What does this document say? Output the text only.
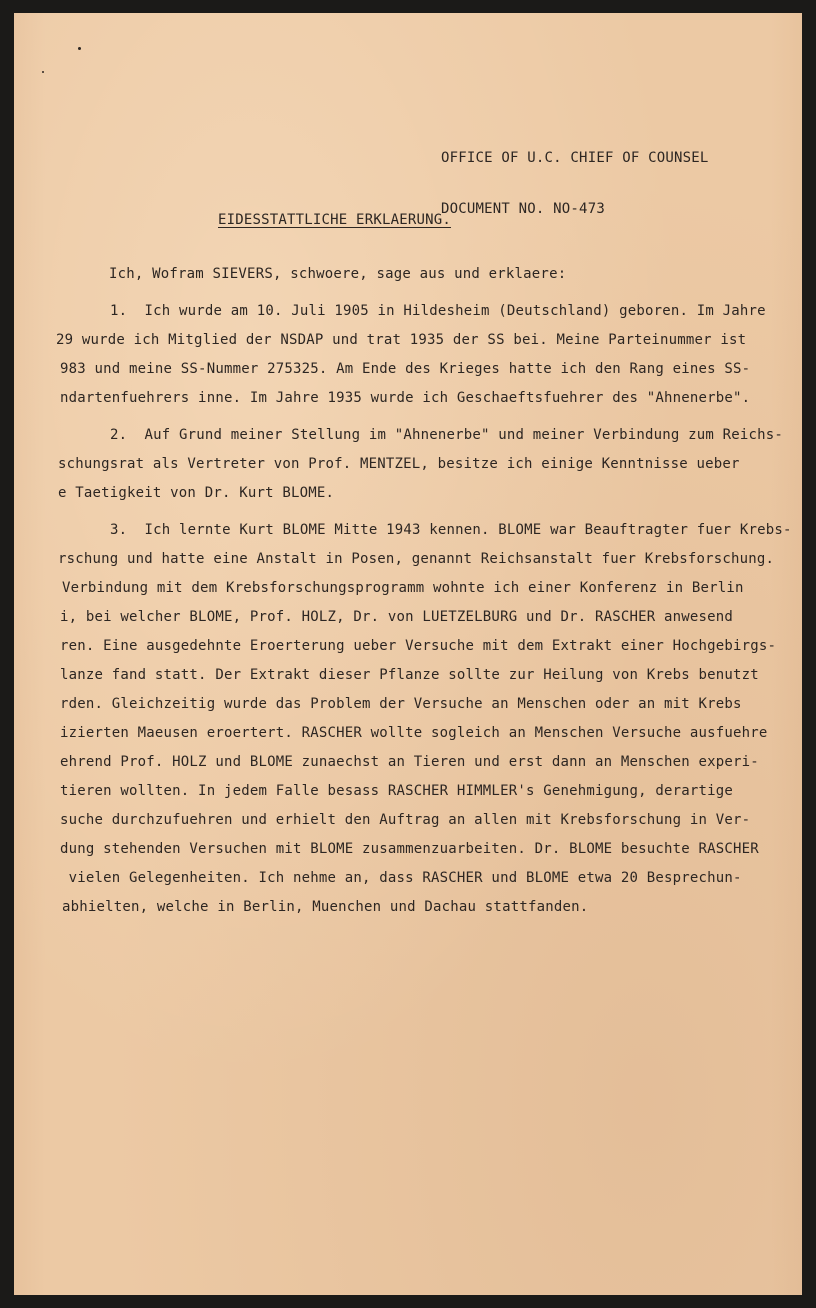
OFFICE OF U.C. CHIEF OF COUNSEL

DOCUMENT NO. NO-473

EIDESSTATTLICHE ERKLAERUNG.
Ich, Wofram SIEVERS, schwoere, sage aus und erklaere:
1.  Ich wurde am 10. Juli 1905 in Hildesheim (Deutschland) geboren. Im Jahre
29 wurde ich Mitglied der NSDAP und trat 1935 der SS bei. Meine Parteinummer ist
983 und meine SS-Nummer 275325. Am Ende des Krieges hatte ich den Rang eines SS-
ndartenfuehrers inne. Im Jahre 1935 wurde ich Geschaeftsfuehrer des "Ahnenerbe".
2.  Auf Grund meiner Stellung im "Ahnenerbe" und meiner Verbindung zum Reichs-
schungsrat als Vertreter von Prof. MENTZEL, besitze ich einige Kenntnisse ueber
e Taetigkeit von Dr. Kurt BLOME.
3.  Ich lernte Kurt BLOME Mitte 1943 kennen. BLOME war Beauftragter fuer Krebs-
rschung und hatte eine Anstalt in Posen, genannt Reichsanstalt fuer Krebsforschung.
Verbindung mit dem Krebsforschungsprogramm wohnte ich einer Konferenz in Berlin
i, bei welcher BLOME, Prof. HOLZ, Dr. von LUETZELBURG und Dr. RASCHER anwesend
ren. Eine ausgedehnte Eroerterung ueber Versuche mit dem Extrakt einer Hochgebirgs-
lanze fand statt. Der Extrakt dieser Pflanze sollte zur Heilung von Krebs benutzt
rden. Gleichzeitig wurde das Problem der Versuche an Menschen oder an mit Krebs
izierten Maeusen eroertert. RASCHER wollte sogleich an Menschen Versuche ausfuehre
ehrend Prof. HOLZ und BLOME zunaechst an Tieren und erst dann an Menschen experi-
tieren wollten. In jedem Falle besass RASCHER HIMMLER's Genehmigung, derartige
suche durchzufuehren und erhielt den Auftrag an allen mit Krebsforschung in Ver-
dung stehenden Versuchen mit BLOME zusammenzuarbeiten. Dr. BLOME besuchte RASCHER
vielen Gelegenheiten. Ich nehme an, dass RASCHER und BLOME etwa 20 Besprechun-
abhielten, welche in Berlin, Muenchen und Dachau stattfanden.
